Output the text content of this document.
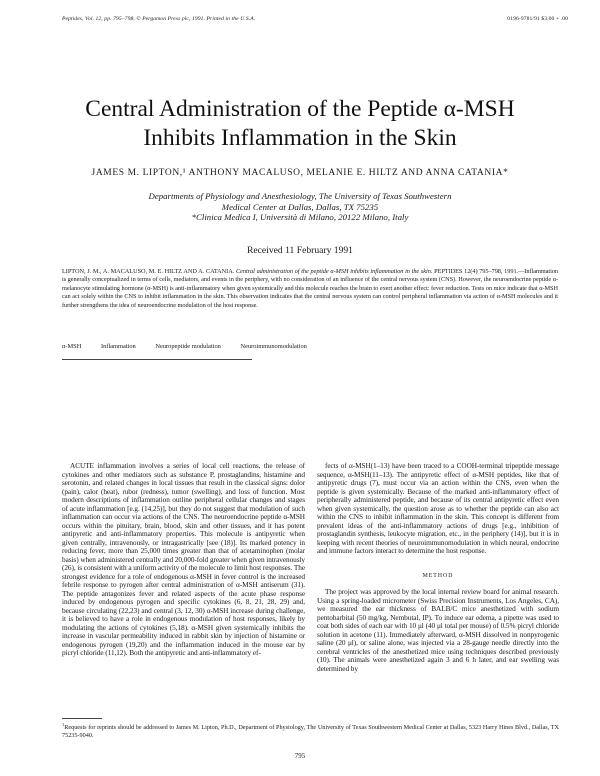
Peptides, Vol. 12, pp. 795–798. © Pergamon Press plc, 1991. Printed in the U.S.A.	0196-9781/91 $3.00 + .00
Central Administration of the Peptide α-MSH
Inhibits Inflammation in the Skin
JAMES M. LIPTON,¹ ANTHONY MACALUSO, MELANIE E. HILTZ AND ANNA CATANIA*
Departments of Physiology and Anesthesiology, The University of Texas Southwestern
Medical Center at Dallas, Dallas, TX 75235
*Clinica Medica I, Università di Milano, 20122 Milano, Italy
Received 11 February 1991
LIPTON, J. M., A. MACALUSO, M. E. HILTZ AND A. CATANIA. Central administration of the peptide α-MSH inhibits inflammation in the skin. PEPTIDES 12(4) 795–798, 1991.—Inflammation is generally conceptualized in terms of cells, mediators, and events in the periphery, with no consideration of an influence of the central nervous system (CNS). However, the neuroendocrine peptide α-melanocyte stimulating hormone (α-MSH) is anti-inflammatory when given systemically and this molecule reaches the brain to exert another effect: fever reduction. Tests on mice indicate that α-MSH can act solely within the CNS to inhibit inflammation in the skin. This observation indicates that the central nervous system can control peripheral inflammation via action of α-MSH molecules and it further strengthens the idea of neuroendocrine modulation of the host response.
α-MSH	Inflammation	Neuropeptide modulation	Neuroimmunomodulation

ACUTE inflammation involves a series of local cell reactions, the release of cytokines and other mediators such as substance P, prostaglandins, histamine and serotonin, and related changes in local tissues that result in the classical signs: dolor (pain), calor (heat), rubor (redness), tumor (swelling), and loss of function. Most modern descriptions of inflammation outline peripheral cellular changes and stages of acute inflammation [e.g. (14,25)], but they do not suggest that modulation of such inflammation can occur via actions of the CNS. The neuroendocrine peptide α-MSH occurs within the pituitary, brain, blood, skin and other tissues, and it has potent antipyretic and anti-inflammatory properties. This molecule is antipyretic when given centrally, intravenously, or intragastrically [see (18)]. Its marked potency in reducing fever, more than 25,000 times greater than that of acetaminophen (molar basis) when administered centrally and 20,000-fold greater when given intravenously (26), is consistent with a uniform activity of the molecule to limit host responses. The strongest evidence for a role of endogenous α-MSH in fever control is the increased febrile response to pyrogen after central administration of α-MSH antiserum (31). The peptide antagonizes fever and related aspects of the acute phase response induced by endogenous pyrogen and specific cytokines (6, 8, 21, 28, 29) and, because circulating (22,23) and central (3, 12, 30) α-MSH increase during challenge, it is believed to have a role in endogenous modulation of host responses, likely by modulating the actions of cytokines (5,18). α-MSH given systemically inhibits the increase in vascular permeability induced in rabbit skin by injection of histamine or endogenous pyrogen (19,20) and the inflammation induced in the mouse ear by picryl chloride (11,12). Both the antipyretic and anti-inflammatory ef-

fects of α-MSH(1–13) have been traced to a COOH-terminal tripeptide message sequence, α-MSH(11–13). The antipyretic effect of α-MSH peptides, like that of antipyretic drugs (7), must occur via an action within the CNS, even when the peptide is given systemically. Because of the marked anti-inflammatory effect of peripherally administered peptide, and because of its central antipyretic effect even when given systemically, the question arose as to whether the peptide can also act within the CNS to inhibit inflammation in the skin. This concept is different from prevalent ideas of the anti-inflammatory actions of drugs [e.g., inhibition of prostaglandin synthesis, leukocyte migration, etc., in the periphery (14)], but it is in keeping with recent theories of neuroimmunomodulation in which neural, endocrine and immune factors interact to determine the host response.

METHOD

The project was approved by the local internal review board for animal research. Using a spring-loaded micrometer (Swiss Precision Instruments, Los Angeles, CA), we measured the ear thickness of BALB/C mice anesthetized with sodium pentobarbital (50 mg/kg, Nembutal, IP). To induce ear edema, a pipette was used to coat both sides of each ear with 10 μl (40 μl total per mouse) of 0.5% picryl chloride solution in acetone (11). Immediately afterward, α-MSH dissolved in nonpyrogenic saline (20 μl), or saline alone, was injected via a 28-gauge needle directly into the cerebral ventricles of the anesthetized mice using techniques described previously (10). The animals were anesthetized again 3 and 6 h later, and ear swelling was determined by

$^1$Requests for reprints should be addressed to James M. Lipton, Ph.D., Department of Physiology, The University of Texas Southwestern Medical Center at Dallas, 5323 Harry Hines Blvd., Dallas, TX 75235-9040.
795
